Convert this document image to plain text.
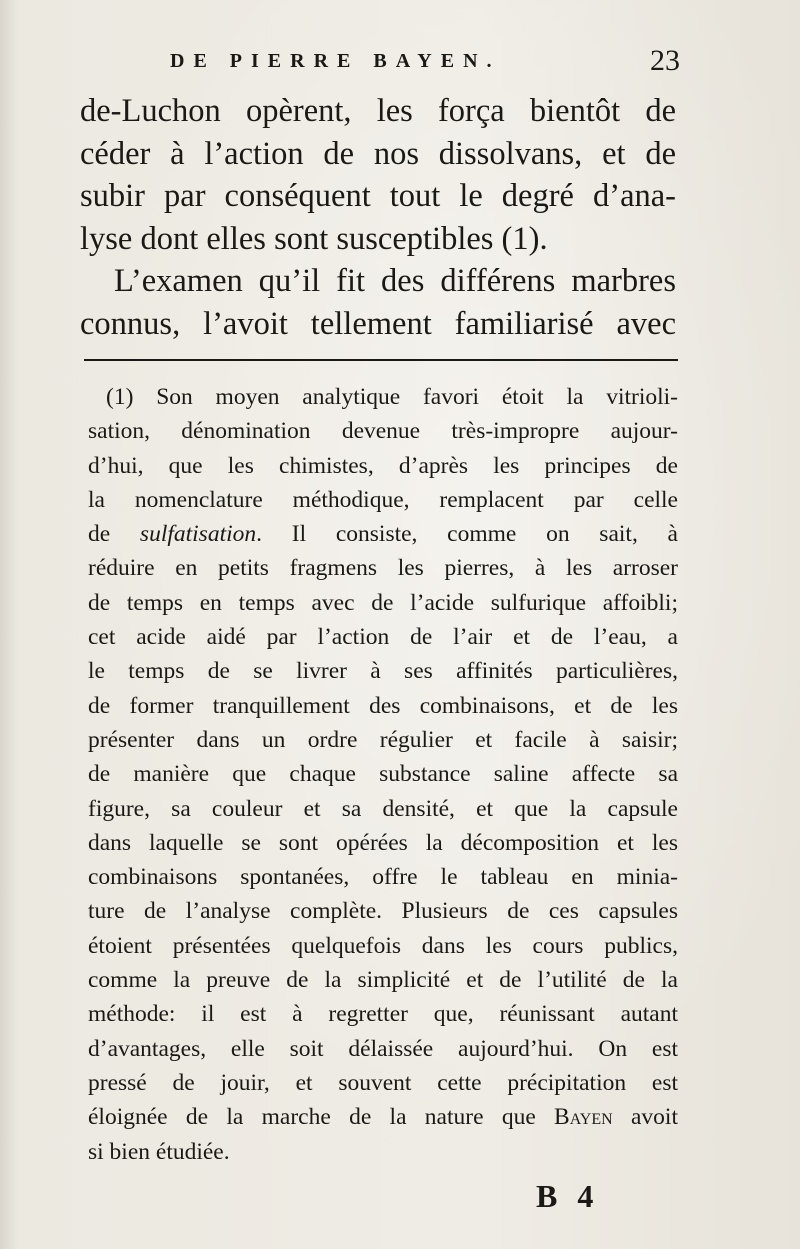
DE PIERRE BAYEN.	23
de-Luchon opèrent, les força bientôt de
céder à l’action de nos dissolvans, et de
subir par conséquent tout le degré d’ana-
lyse dont elles sont susceptibles (1).
L’examen qu’il fit des différens marbres
connus, l’avoit tellement familiarisé avec
(1) Son moyen analytique favori étoit la vitrioli-
sation, dénomination devenue très-impropre aujour-
d’hui, que les chimistes, d’après les principes de
la nomenclature méthodique, remplacent par celle
de sulfatisation. Il consiste, comme on sait, à
réduire en petits fragmens les pierres, à les arroser
de temps en temps avec de l’acide sulfurique affoibli;
cet acide aidé par l’action de l’air et de l’eau, a
le temps de se livrer à ses affinités particulières,
de former tranquillement des combinaisons, et de les
présenter dans un ordre régulier et facile à saisir;
de manière que chaque substance saline affecte sa
figure, sa couleur et sa densité, et que la capsule
dans laquelle se sont opérées la décomposition et les
combinaisons spontanées, offre le tableau en minia-
ture de l’analyse complète. Plusieurs de ces capsules
étoient présentées quelquefois dans les cours publics,
comme la preuve de la simplicité et de l’utilité de la
méthode: il est à regretter que, réunissant autant
d’avantages, elle soit délaissée aujourd’hui. On est
pressé de jouir, et souvent cette précipitation est
éloignée de la marche de la nature que Bayen avoit
si bien étudiée.
B 4
